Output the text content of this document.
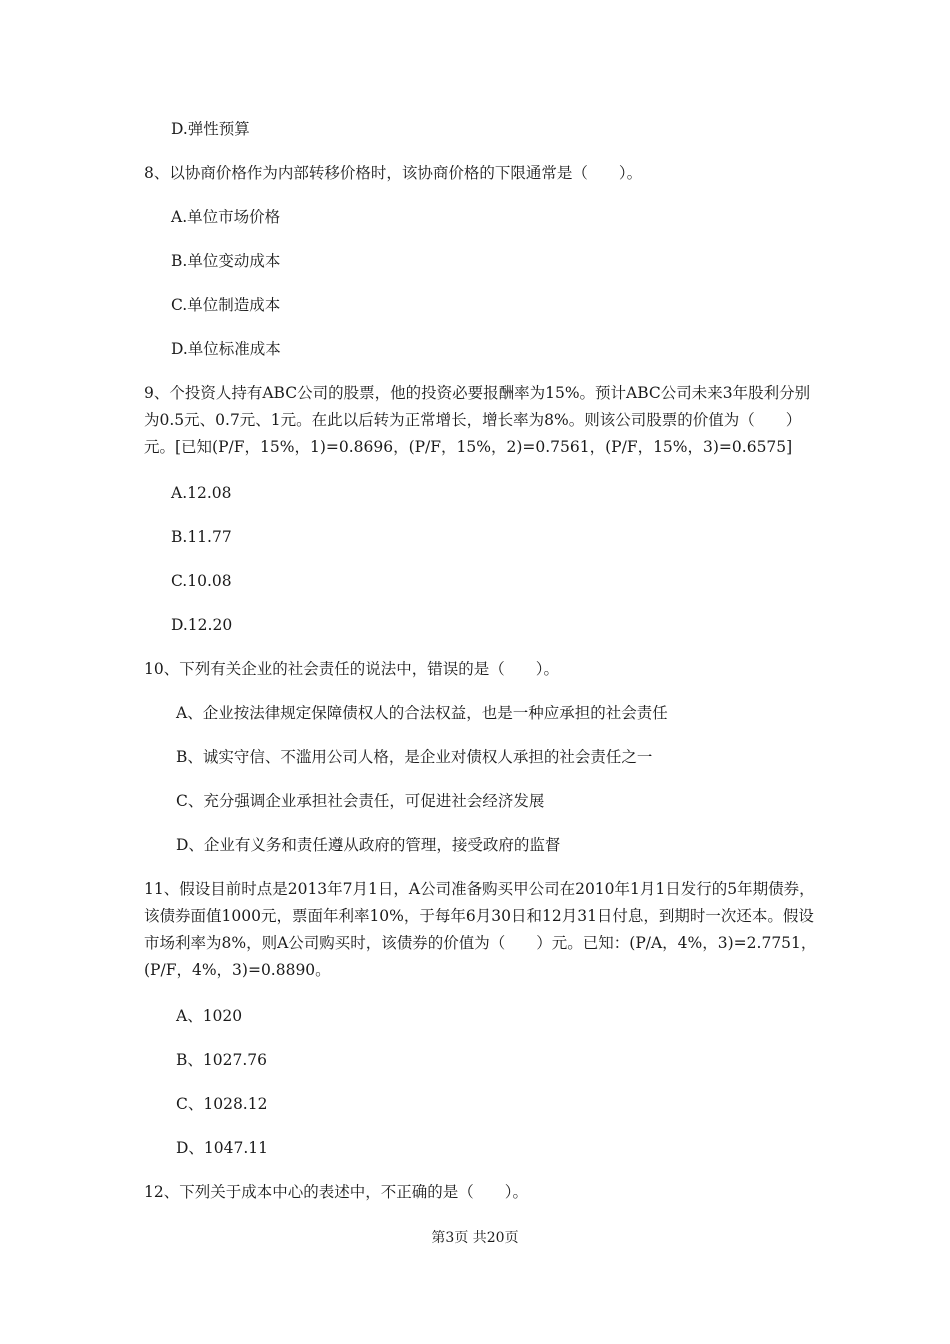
D.弹性预算
8、以协商价格作为内部转移价格时，该协商价格的下限通常是（　　）。
A.单位市场价格
B.单位变动成本
C.单位制造成本
D.单位标准成本
9、个投资人持有ABC公司的股票，他的投资必要报酬率为15%。预计ABC公司未来3年股利分别
为0.5元、0.7元、1元。在此以后转为正常增长，增长率为8%。则该公司股票的价值为（　　）
元。[已知(P/F，15%，1)=0.8696，(P/F，15%，2)=0.7561，(P/F，15%，3)=0.6575]
A.12.08
B.11.77
C.10.08
D.12.20
10、下列有关企业的社会责任的说法中，错误的是（　　）。
A、企业按法律规定保障债权人的合法权益，也是一种应承担的社会责任
B、诚实守信、不滥用公司人格，是企业对债权人承担的社会责任之一
C、充分强调企业承担社会责任，可促进社会经济发展
D、企业有义务和责任遵从政府的管理，接受政府的监督
11、假设目前时点是2013年7月1日，A公司准备购买甲公司在2010年1月1日发行的5年期债券，
该债券面值1000元，票面年利率10%，于每年6月30日和12月31日付息，到期时一次还本。假设
市场利率为8%，则A公司购买时，该债券的价值为（　　）元。已知：(P/A，4%，3)=2.7751，
(P/F，4%，3)=0.8890。
A、1020
B、1027.76
C、1028.12
D、1047.11
12、下列关于成本中心的表述中，不正确的是（　　）。
第3页 共20页
